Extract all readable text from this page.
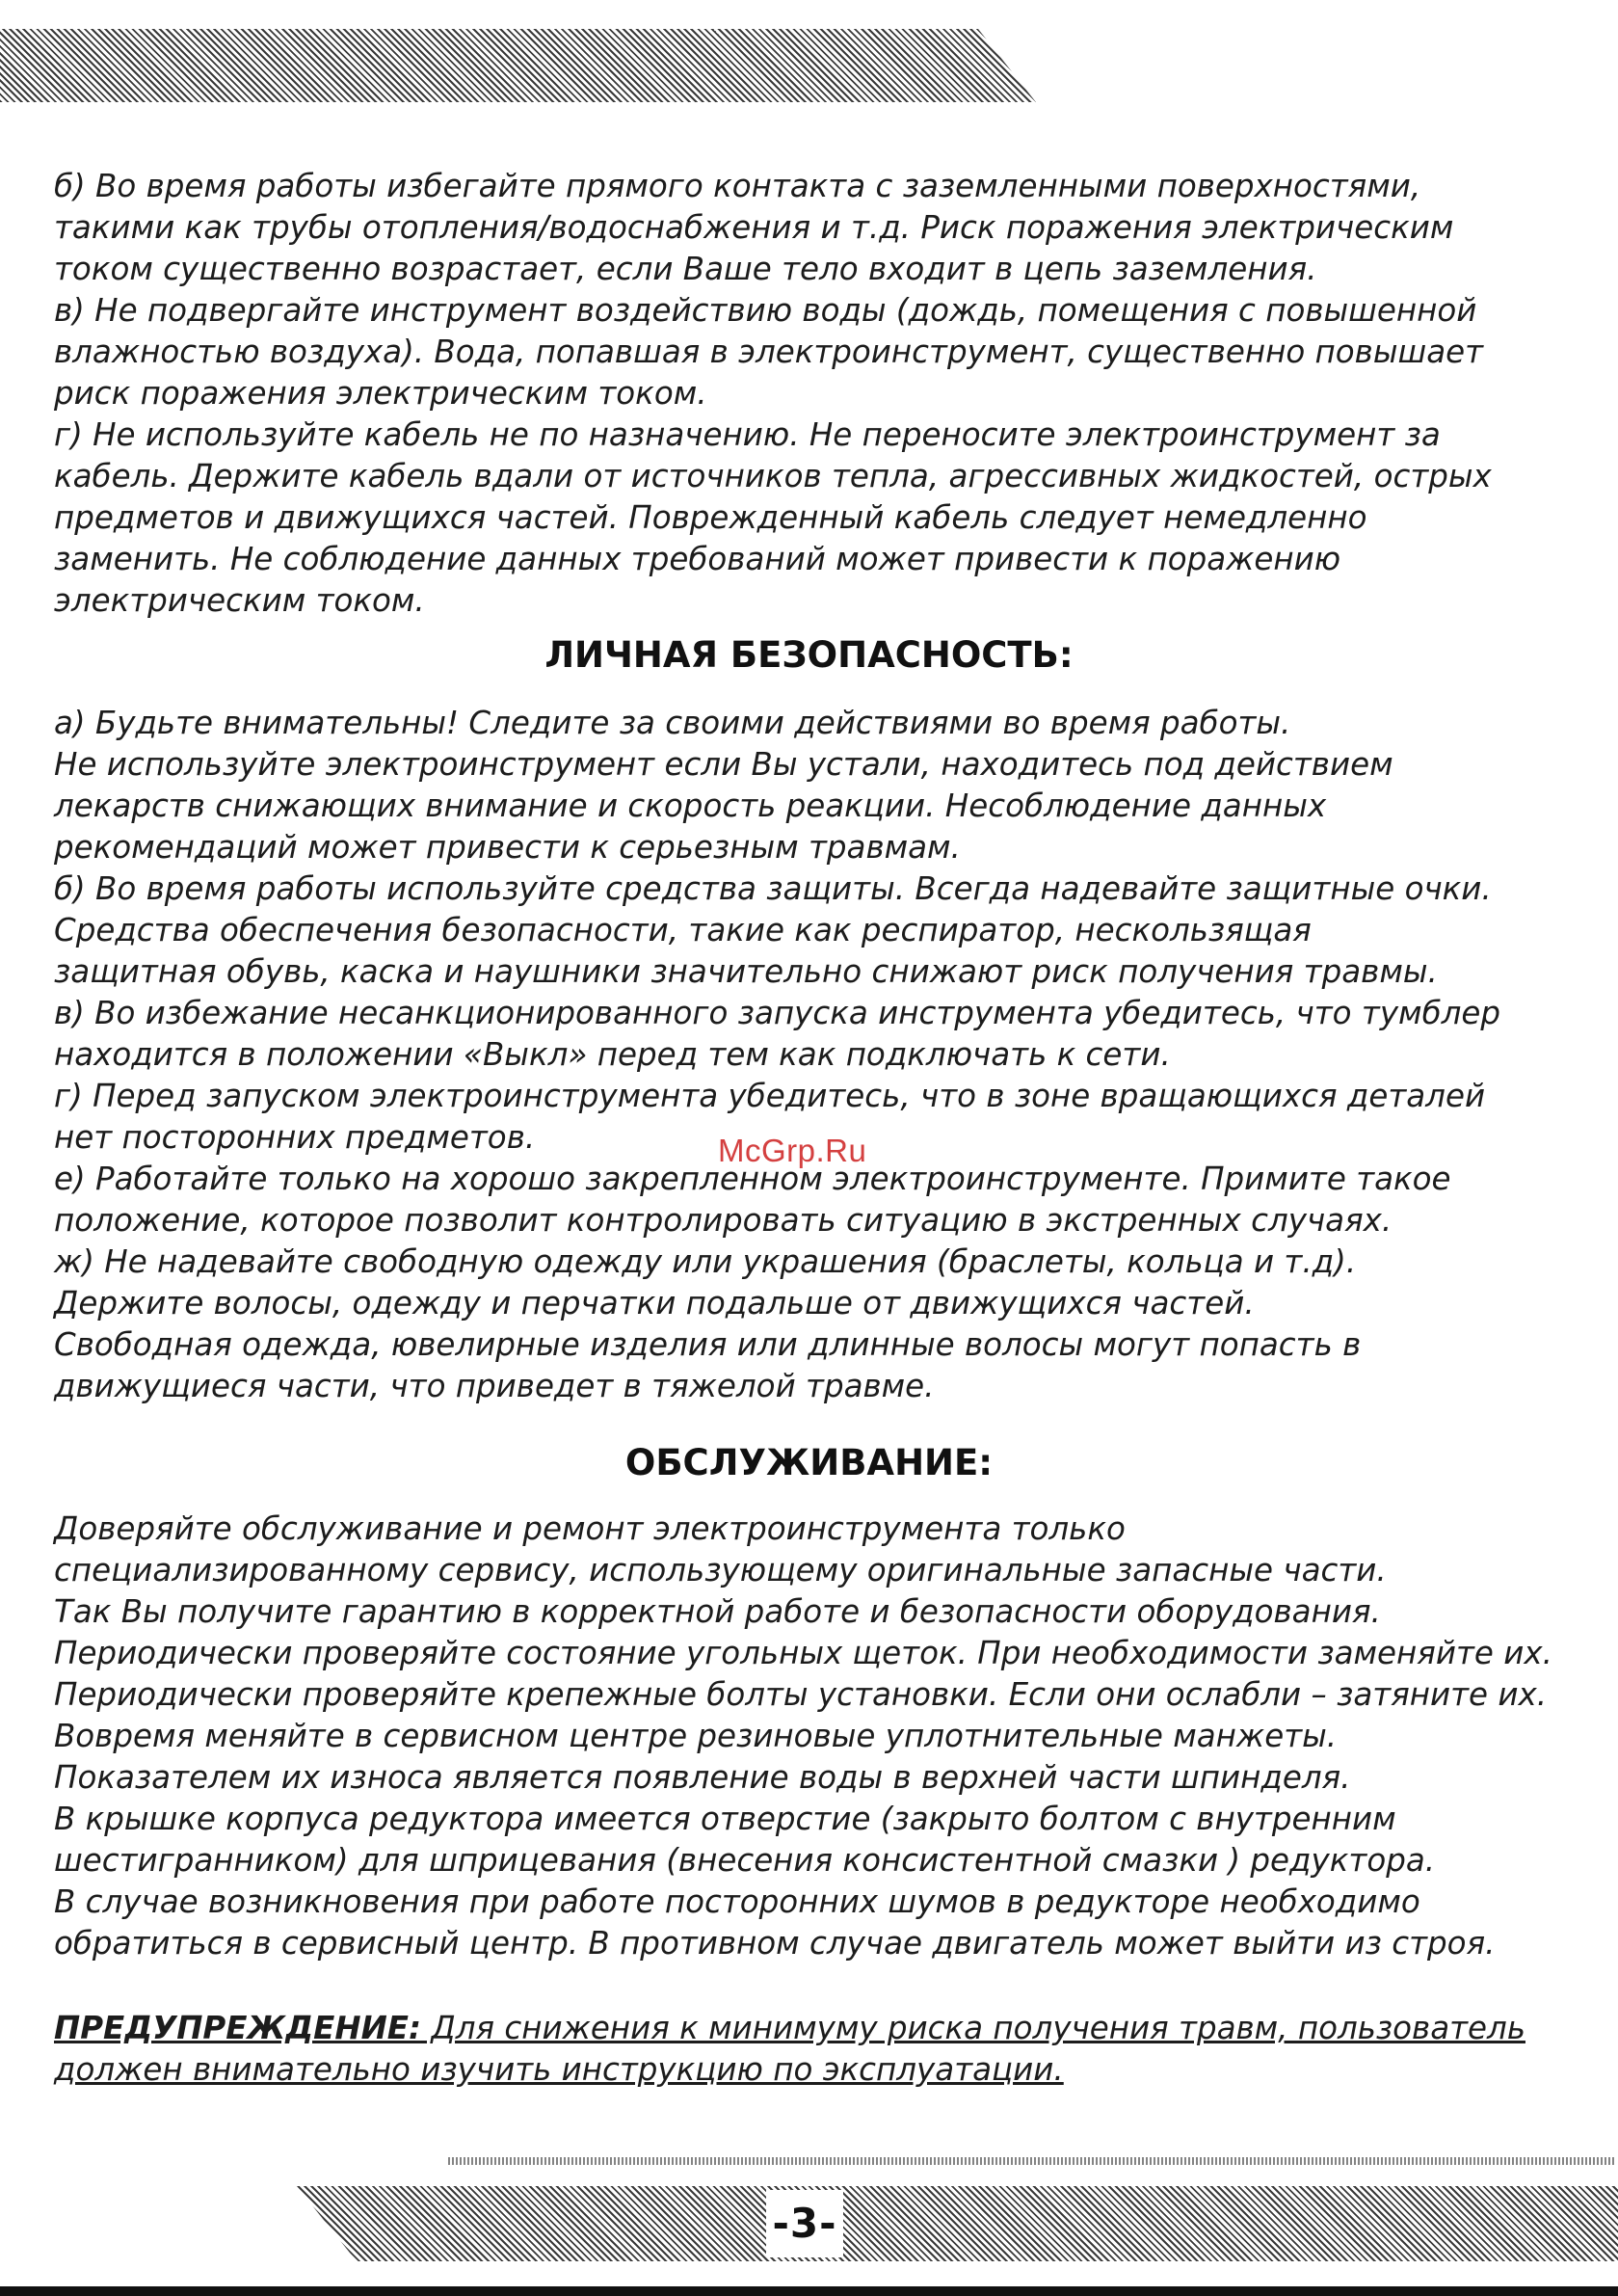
б) Во время работы избегайте прямого контакта с заземленными поверхностями,
такими как трубы отопления/водоснабжения и т.д. Риск поражения электрическим
током существенно возрастает, если Ваше тело входит в цепь заземления.
в) Не подвергайте инструмент воздействию воды (дождь, помещения с повышенной
влажностью воздуха). Вода, попавшая в электроинструмент, существенно повышает
риск поражения электрическим током.
г) Не используйте кабель не по назначению. Не переносите электроинструмент за
кабель. Держите кабель вдали от источников тепла, агрессивных жидкостей, острых
предметов и движущихся частей. Поврежденный кабель следует немедленно
заменить. Не соблюдение данных требований может привести к поражению
электрическим током.
ЛИЧНАЯ БЕЗОПАСНОСТЬ:
а) Будьте внимательны! Следите за своими действиями во время работы.
Не используйте электроинструмент если Вы устали, находитесь под действием
лекарств снижающих внимание и скорость реакции. Несоблюдение данных
рекомендаций может привести к серьезным травмам.
б) Во время работы используйте средства защиты. Всегда надевайте защитные очки.
Средства обеспечения безопасности, такие как респиратор, нескользящая
защитная обувь, каска и наушники значительно снижают риск получения травмы.
в) Во избежание несанкционированного запуска инструмента убедитесь, что тумблер
находится в положении «Выкл» перед тем как подключать к сети.
г) Перед запуском электроинструмента убедитесь, что в зоне вращающихся деталей
нет посторонних предметов.
е) Работайте только на хорошо закрепленном электроинструменте. Примите такое
положение, которое позволит контролировать ситуацию в экстренных случаях.
ж) Не надевайте свободную одежду или украшения (браслеты, кольца и т.д).
Держите волосы, одежду и перчатки подальше от движущихся частей.
Свободная одежда, ювелирные изделия или длинные волосы могут попасть в
движущиеся части, что приведет в тяжелой травме.
McGrp.Ru
ОБСЛУЖИВАНИЕ:
Доверяйте обслуживание и ремонт электроинструмента только
специализированному сервису, использующему оригинальные запасные части.
Так Вы получите гарантию в корректной работе и безопасности оборудования.
Периодически проверяйте состояние угольных щеток. При необходимости заменяйте их.
Периодически проверяйте крепежные болты установки. Если они ослабли – затяните их.
Вовремя меняйте в сервисном центре резиновые уплотнительные манжеты.
Показателем их износа является появление воды в верхней части шпинделя.
В крышке корпуса редуктора имеется отверстие (закрыто болтом с внутренним
шестигранником) для шприцевания (внесения консистентной смазки ) редуктора.
В случае возникновения при работе посторонних шумов в редукторе необходимо
обратиться в сервисный центр. В противном случае двигатель может выйти из строя.
ПРЕДУПРЕЖДЕНИЕ: Для снижения к минимуму риска получения травм, пользователь
должен внимательно изучить инструкцию по эксплуатации.
-3-
